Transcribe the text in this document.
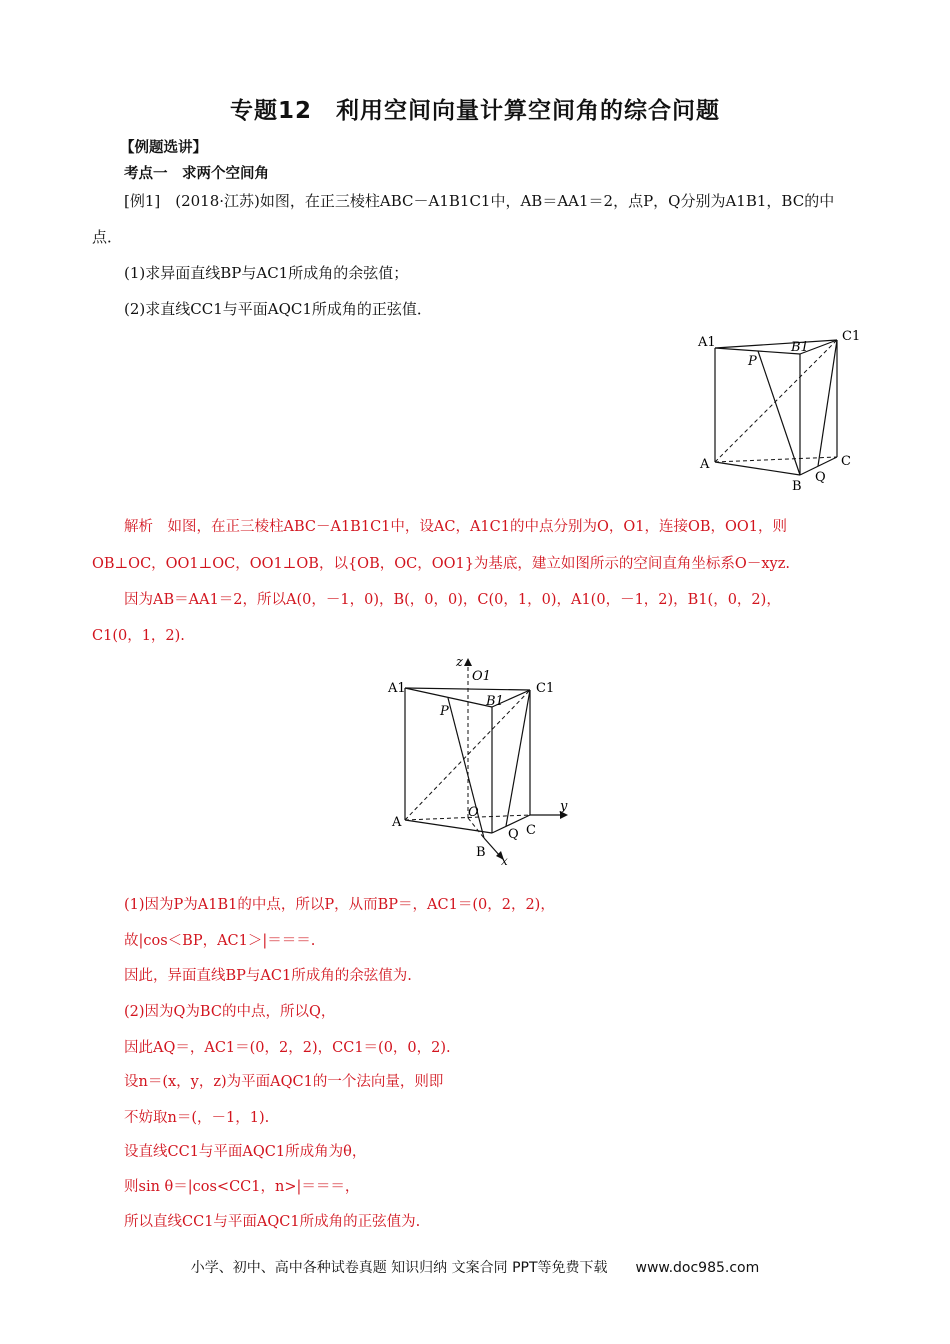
专题12　利用空间向量计算空间角的综合问题
【例题选讲】
考点一　求两个空间角
[例1]　(2018·江苏)如图，在正三棱柱ABC－A1B1C1中，AB＝AA1＝2，点P，Q分别为A1B1，BC的中
点．
(1)求异面直线BP与AC1所成角的余弦值；
(2)求直线CC1与平面AQC1所成角的正弦值．
A1
P
B1
C1
A	C
B
Q
解析　如图，在正三棱柱ABC－A1B1C1中，设AC，A1C1的中点分别为O，O1，连接OB，OO1，则
OB⊥OC，OO1⊥OC，OO1⊥OB，以{OB，OC，OO1}为基底，建立如图所示的空间直角坐标系O－xyz.
因为AB＝AA1＝2，所以A(0，－1，0)，B(，0，0)，C(0，1，0)，A1(0，－1，2)，B1(，0，2)，
C1(0，1，2).
z
O1
A1	C1
P
B1
O	y
A
Q C
B
x
(1)因为P为A1B1的中点，所以P，从而BP＝，AC1＝(0，2，2)，
故|cos＜BP，AC1＞|＝＝＝.
因此，异面直线BP与AC1所成角的余弦值为.
(2)因为Q为BC的中点，所以Q，
因此AQ＝，AC1＝(0，2，2)，CC1＝(0，0，2).
设n＝(x，y，z)为平面AQC1的一个法向量，则即
不妨取n＝(，－1，1).
设直线CC1与平面AQC1所成角为θ，
则sin θ＝|cos<CC1，n>|＝＝＝，
所以直线CC1与平面AQC1所成角的正弦值为.
小学、初中、高中各种试卷真题 知识归纳 文案合同 PPT等免费下载　　www.doc985.com
